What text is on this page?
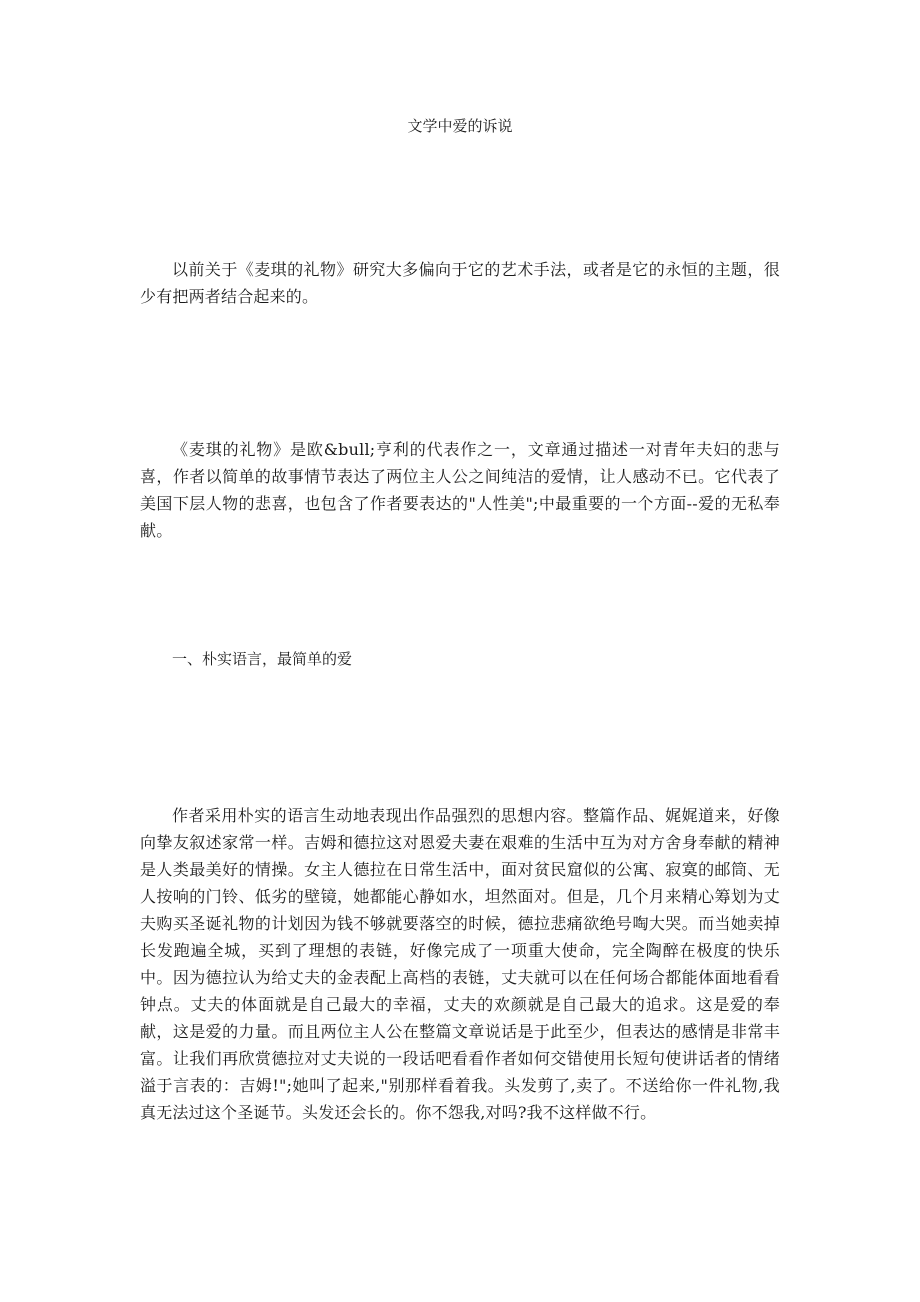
文学中爱的诉说

以前关于《麦琪的礼物》研究大多偏向于它的艺术手法，或者是它的永恒的主题，很少有把两者结合起来的。

《麦琪的礼物》是欧&bull;亨利的代表作之一，文章通过描述一对青年夫妇的悲与喜，作者以简单的故事情节表达了两位主人公之间纯洁的爱情，让人感动不已。它代表了美国下层人物的悲喜，也包含了作者要表达的"人性美";中最重要的一个方面--爱的无私奉献。

一、朴实语言，最简单的爱

作者采用朴实的语言生动地表现出作品强烈的思想内容。整篇作品、娓娓道来，好像向挚友叙述家常一样。吉姆和德拉这对恩爱夫妻在艰难的生活中互为对方舍身奉献的精神是人类最美好的情操。女主人德拉在日常生活中，面对贫民窟似的公寓、寂寞的邮筒、无人按响的门铃、低劣的壁镜，她都能心静如水，坦然面对。但是，几个月来精心筹划为丈夫购买圣诞礼物的计划因为钱不够就要落空的时候，德拉悲痛欲绝号啕大哭。而当她卖掉长发跑遍全城，买到了理想的表链，好像完成了一项重大使命，完全陶醉在极度的快乐中。因为德拉认为给丈夫的金表配上高档的表链，丈夫就可以在任何场合都能体面地看看钟点。丈夫的体面就是自己最大的幸福，丈夫的欢颜就是自己最大的追求。这是爱的奉献，这是爱的力量。而且两位主人公在整篇文章说话是于此至少，但表达的感情是非常丰富。让我们再欣赏德拉对丈夫说的一段话吧看看作者如何交错使用长短句使讲话者的情绪溢于言表的：吉姆!";她叫了起来,"别那样看着我。头发剪了,卖了。不送给你一件礼物,我真无法过这个圣诞节。头发还会长的。你不怨我,对吗?我不这样做不行。
